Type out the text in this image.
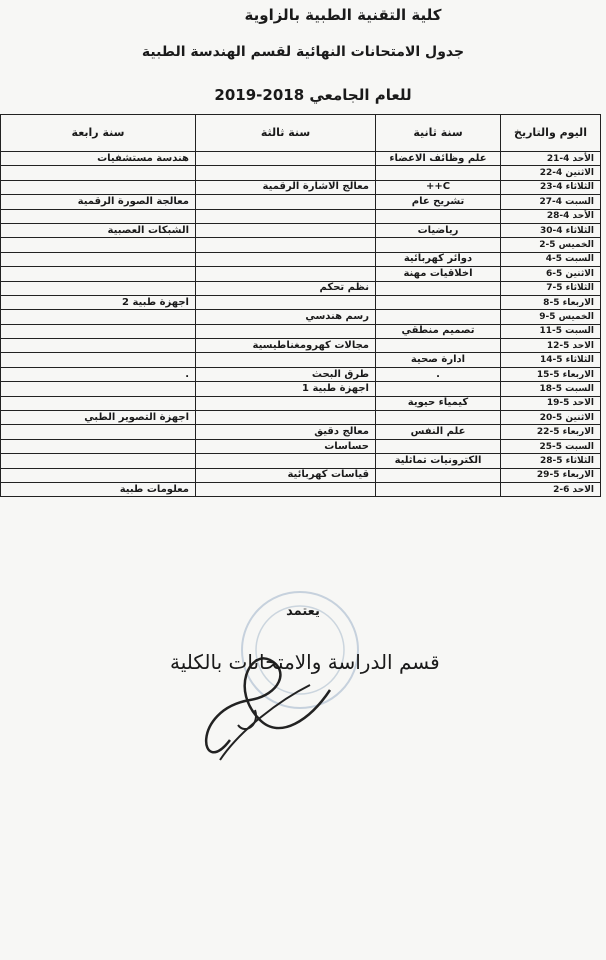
كلية التقنية الطبية بالزاوية
جدول الامتحانات النهائية لقسم الهندسة الطبية
للعام الجامعي 2018-2019
اليوم والتاريخ	سنة ثانية	سنة ثالثة	سنة رابعة
الأحد 4-21	علم وظائف الاعضاء		هندسة مستشفيات
الاثنين 4-22			
الثلاثاء 4-23	C++	معالج الاشارة الرقمية	
السبت 4-27	تشريح عام		معالجة الصورة الرقمية
الأحد 4-28			
الثلاثاء 4-30	رياضيات		الشبكات العصبية
الخميس 5-2			
السبت 5-4	دوائر كهربائية		
الاثنين 5-6	اخلاقيات مهنة		
الثلاثاء 5-7		نظم تحكم	
الاربعاء 5-8			اجهزة طبية 2
الخميس 5-9		رسم هندسي	
السبت 5-11	تصميم منطقي		
الاحد 5-12		مجالات كهرومغناطيسية	
الثلاثاء 5-14	ادارة صحية		
الاربعاء 5-15	.	طرق البحث	.
السبت 5-18		اجهزة طبية 1	
الاحد 5-19	كيمياء حيوية		
الاثنين 5-20			اجهزة التصوير الطبي
الاربعاء 5-22	علم النفس	معالج دقيق	
السبت 5-25		حساسات	
الثلاثاء 5-28	الكترونيات تماثلية		
الاربعاء 5-29		قياسات كهربائية	
الاحد 6-2			معلومات طبية
يعتمد
قسم الدراسة والامتحانات بالكلية
